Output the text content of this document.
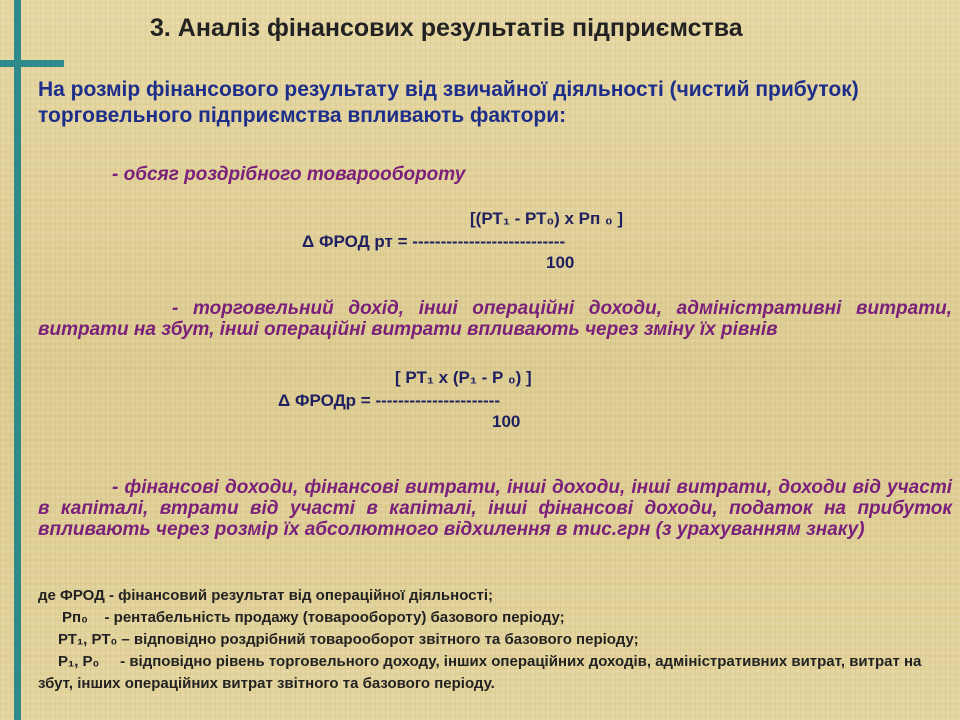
3. Аналіз фінансових результатів підприємства
На розмір фінансового результату від звичайної діяльності (чистий прибуток) торговельного підприємства впливають фактори:
- обсяг роздрібного товарообороту
[(РТ₁ - РТ₀) х Рп ₀ ]
Δ ФРОД рт = ---------------------------
100
- торговельний дохід, інші операційні доходи, адміністративні витрати, витрати на збут, інші операційні витрати впливають через зміну їх рівнів
[ РТ₁ х (Р₁ - Р ₀) ]
Δ ФРОДр = ----------------------
100
- фінансові доходи, фінансові витрати, інші доходи, інші витрати, доходи від участі в капіталі, втрати від участі в капіталі, інші фінансові доходи, податок на прибуток впливають через розмір їх абсолютного відхилення в тис.грн (з урахуванням знаку)
де ФРОД - фінансовий результат від операційної діяльності;
Рп₀ - рентабельність продажу (товарообороту) базового періоду;
РТ₁, РТ₀ – відповідно роздрібний товарооборот звітного та базового періоду;
Р₁, Р₀ - відповідно рівень торговельного доходу, інших операційних доходів, адміністративних витрат, витрат на збут, інших операційних витрат звітного та базового періоду.
